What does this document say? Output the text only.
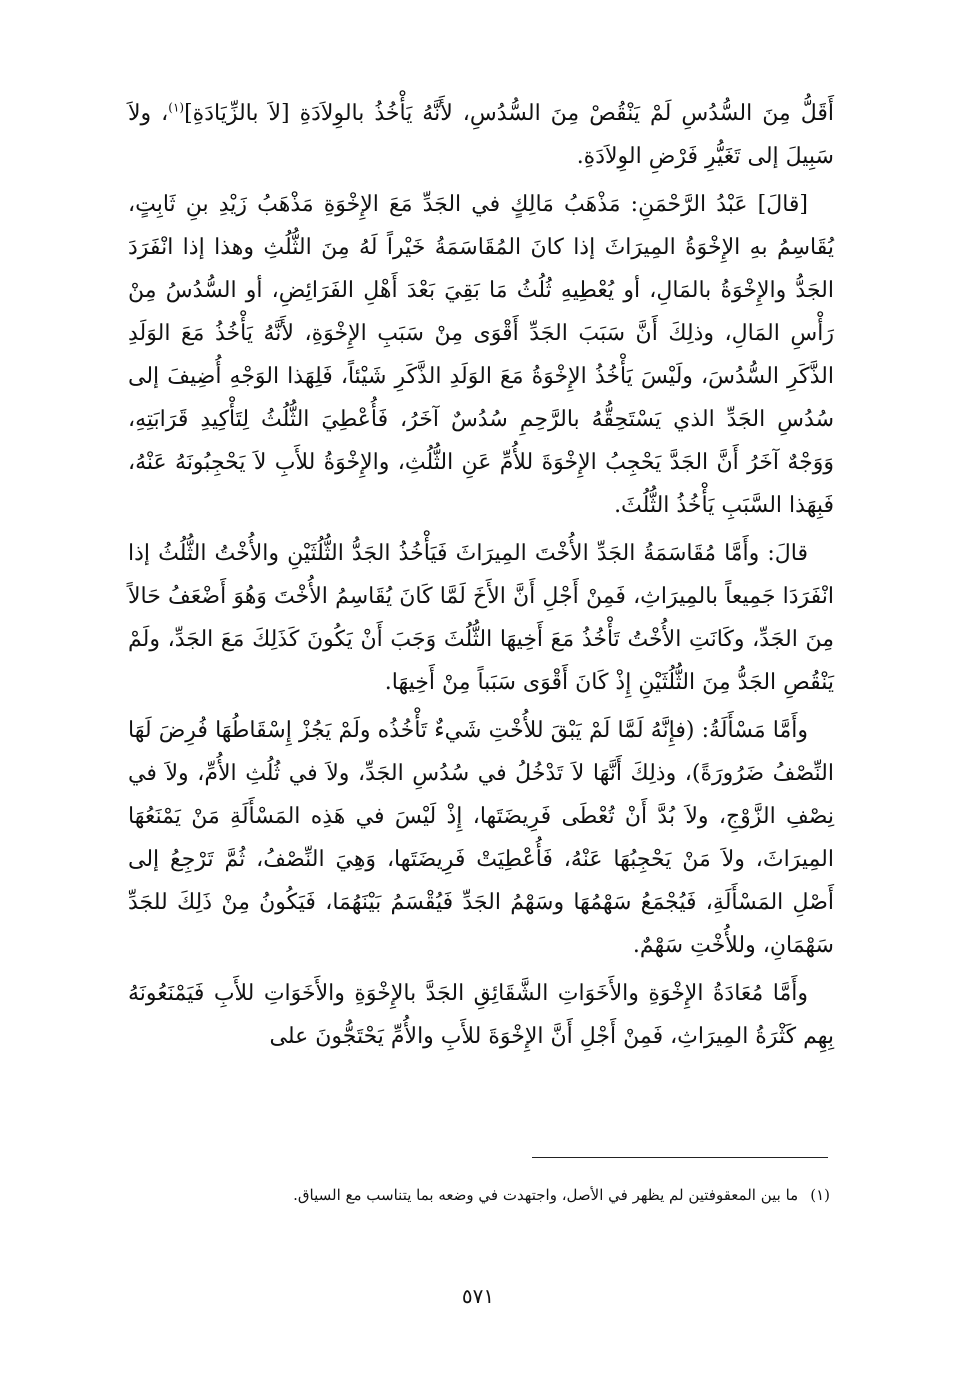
أَقَلُّ مِنَ السُّدُسِ لَمْ يَنْقُصْ مِنَ السُّدُسِ، لأَنَّهُ يَأْخُذُ بالوِلاَدَةِ [لاَ بالزِّيَادَةِ]$^{(١)}$، ولاَ سَبِيلَ إلى تَغَيُّرِ فَرْضِ الوِلاَدَةِ.

[قالَ] عَبْدُ الرَّحْمَنِ: مَذْهَبُ مَالِكٍ في الجَدِّ مَعَ الإِخْوَةِ مَذْهَبُ زَيْدِ بنِ ثَابِتٍ، يُقَاسِمُ بهِ الإِخْوَةُ المِيرَاثَ إذا كانَ المُقَاسَمَةُ خَيْراً لَهُ مِنَ الثُّلُثِ وهذا إذا انْفَرَدَ الجَدُّ والإِخْوَةُ بالمَالِ، أو يُعْطِيهِ ثُلُثُ مَا بَقِيَ بَعْدَ أَهْلِ الفَرَائِضِ، أو السُّدُسُ مِنْ رَأْسِ المَالِ، وذلِكَ أَنَّ سَبَبَ الجَدِّ أَقْوَى مِنْ سَبَبِ الإِخْوَةِ، لأَنَّهُ يَأْخُذُ مَعَ الوَلَدِ الذَّكَرِ السُّدُسَ، ولَيْسَ يَأْخُذُ الإِخْوَةُ مَعَ الوَلَدِ الذَّكَرِ شَيْئاً، فَلِهَذا الوَجْهِ أُضِيفَ إلى سُدُسِ الجَدِّ الذي يَسْتَحِقُّهُ بالرَّحِمِ سُدُسٌ آخَرُ، فَأُعْطِيَ الثُّلُثُ لِتَأْكِيدِ قَرَابَتِهِ، وَوَجْهٌ آخَرُ أَنَّ الجَدَّ يَحْجِبُ الإِخْوَةَ للأُمِّ عَنِ الثُّلُثِ، والإِخْوَةُ للأَبِ لاَ يَحْجِبُونَهُ عَنْهُ، فَبِهَذا السَّبَبِ يَأْخُذُ الثُّلُثَ.

قالَ: وأَمَّا مُقَاسَمَةُ الجَدِّ الأُخْتَ المِيرَاثَ فَيَأْخُذُ الجَدُّ الثُّلُثَيْنِ والأُخْتُ الثُّلُثُ إذا انْفَرَدَا جَمِيعاً بالمِيرَاثِ، فَمِنْ أَجْلِ أَنَّ الأَخَ لَمَّا كَانَ يُقَاسِمُ الأُخْتَ وَهُوَ أَضْعَفُ حَالاً مِنَ الجَدِّ، وكَانَتِ الأُخْتُ تَأْخُذُ مَعَ أَخِيهَا الثُّلُثَ وَجَبَ أَنْ يَكُونَ كَذَلِكَ مَعَ الجَدِّ، ولَمْ يَنْقُصِ الجَدُّ مِنَ الثُّلُثَيْنِ إِذْ كَانَ أَقْوَى سَبَباً مِنْ أَخِيهَا.

وأَمَّا مَسْأَلَةُ: (فإِنَّهُ لَمَّا لَمْ يَبْقَ للأُخْتِ شَيءٌ تَأْخُذُه ولَمْ يَجُزْ إِسْقَاطُهَا فُرِضَ لَهَا النِّصْفُ ضَرُورَةً)، وذلِكَ أَنَّهَا لاَ تَدْخُلُ في سُدُسِ الجَدِّ، ولاَ في ثُلُثِ الأُمِّ، ولاَ في نِصْفِ الزَّوْجِ، ولاَ بُدَّ أَنْ تُعْطَى فَرِيضَتَها، إِذْ لَيْسَ في هَذِه المَسْأَلَةِ مَنْ يَمْنَعُهَا المِيرَاثَ، ولاَ مَنْ يَحْجِبُهَا عَنْهُ، فَأُعْطِيَتْ فَرِيضَتَها، وَهِيَ النِّصْفُ، ثُمَّ تَرْجِعُ إلى أَصْلِ المَسْأَلَةِ، فَيُجْمَعُ سَهْمُهَا وسَهْمُ الجَدِّ فَيُقْسَمُ بَيْنَهُمَا، فَيَكُونُ مِنْ ذَلِكَ للجَدِّ سَهْمَانِ، وللأُخْتِ سَهْمٌ.

وأَمَّا مُعَادَةُ الإِخْوَةِ والأَخَوَاتِ الشَّقَائِقِ الجَدَّ بالإِخْوَةِ والأَخَوَاتِ للأَبِ فَيَمْنَعُونَهُ بِهِم كَثْرَةُ المِيرَاثِ، فَمِنْ أَجْلِ أَنَّ الإِخْوَةَ للأَبِ والأُمِّ يَحْتَجُّونَ على

(١)ما بين المعقوفتين لم يظهر في الأصل، واجتهدت في وضعه بما يتناسب مع السياق.
٥٧١
